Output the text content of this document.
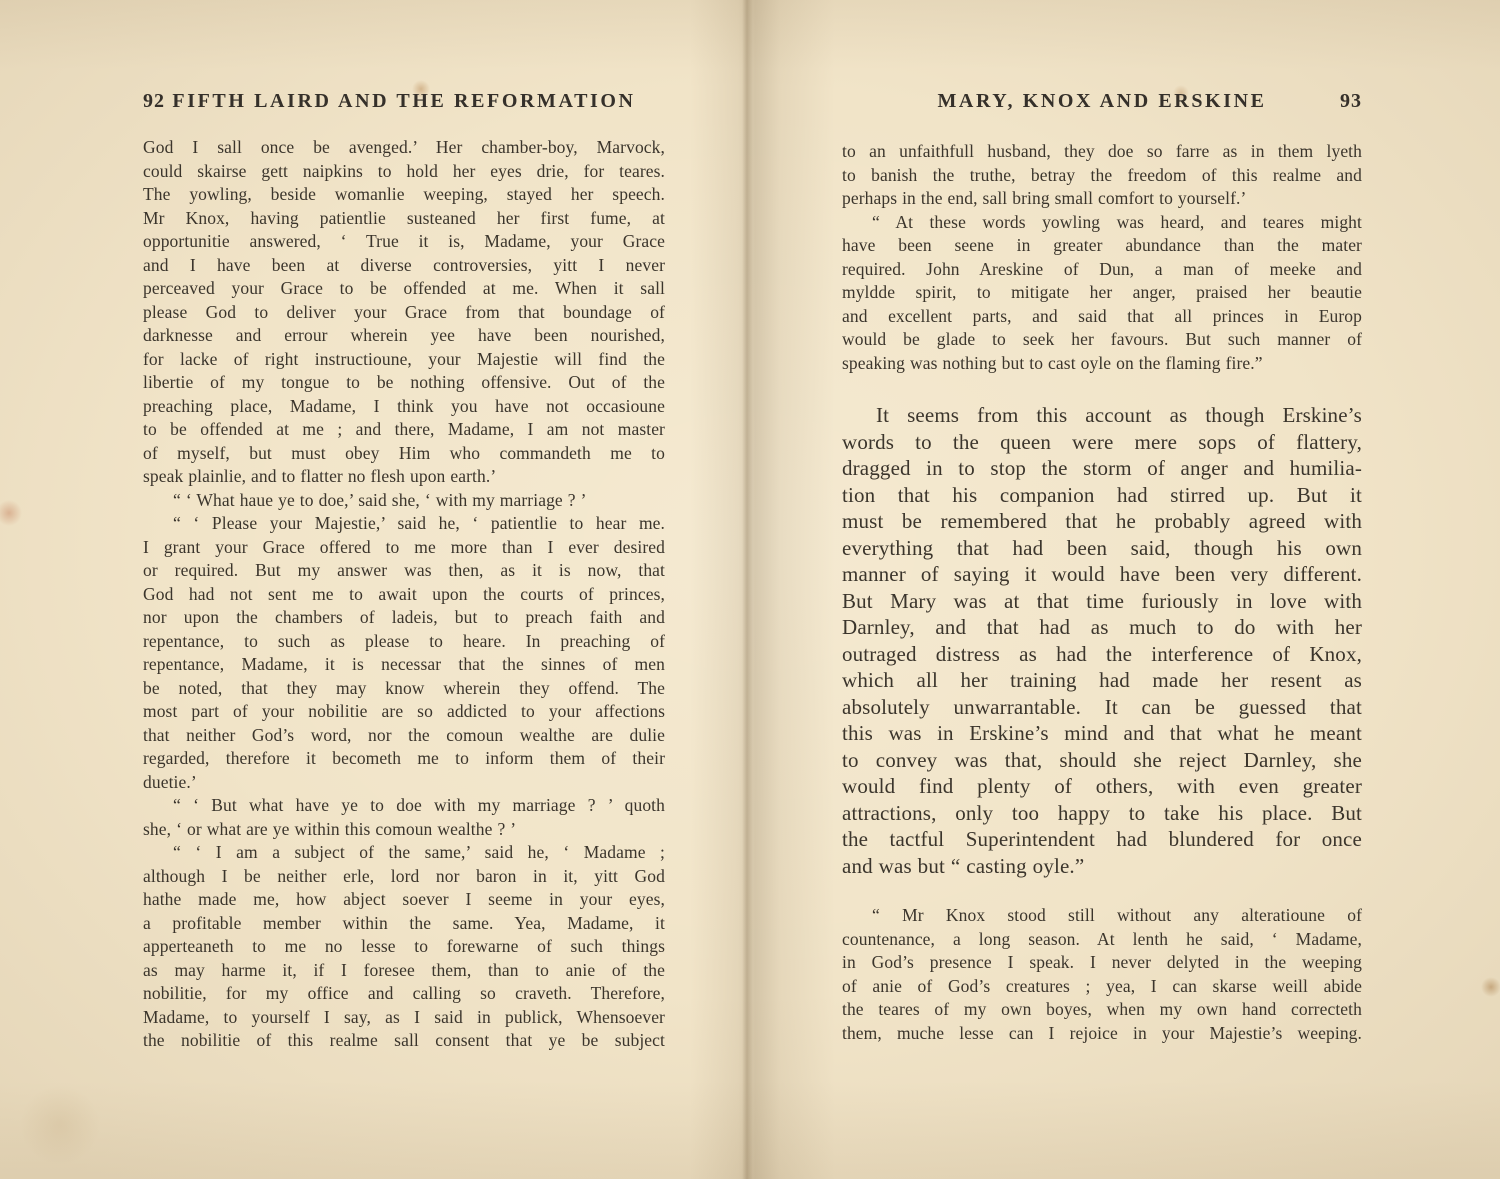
92 FIFTH LAIRD AND THE REFORMATION
God I sall once be avenged.’ Her chamber-boy, Marvock,
could skairse gett naipkins to hold her eyes drie, for teares.
The yowling, beside womanlie weeping, stayed her speech.
Mr Knox, having patientlie susteaned her first fume, at
opportunitie answered, ‘ True it is, Madame, your Grace
and I have been at diverse controversies, yitt I never
perceaved your Grace to be offended at me. When it sall
please God to deliver your Grace from that boundage of
darknesse and errour wherein yee have been nourished,
for lacke of right instructioune, your Majestie will find the
libertie of my tongue to be nothing offensive. Out of the
preaching place, Madame, I think you have not occasioune
to be offended at me ; and there, Madame, I am not master
of myself, but must obey Him who commandeth me to
speak plainlie, and to flatter no flesh upon earth.’
“ ‘ What haue ye to doe,’ said she, ‘ with my marriage ? ’
“ ‘ Please your Majestie,’ said he, ‘ patientlie to hear me.
I grant your Grace offered to me more than I ever desired
or required. But my answer was then, as it is now, that
God had not sent me to await upon the courts of princes,
nor upon the chambers of ladeis, but to preach faith and
repentance, to such as please to heare. In preaching of
repentance, Madame, it is necessar that the sinnes of men
be noted, that they may know wherein they offend. The
most part of your nobilitie are so addicted to your affections
that neither God’s word, nor the comoun wealthe are dulie
regarded, therefore it becometh me to inform them of their
duetie.’
“ ‘ But what have ye to doe with my marriage ? ’ quoth
she, ‘ or what are ye within this comoun wealthe ? ’
“ ‘ I am a subject of the same,’ said he, ‘ Madame ;
although I be neither erle, lord nor baron in it, yitt God
hathe made me, how abject soever I seeme in your eyes,
a profitable member within the same. Yea, Madame, it
apperteaneth to me no lesse to forewarne of such things
as may harme it, if I foresee them, than to anie of the
nobilitie, for my office and calling so craveth. Therefore,
Madame, to yourself I say, as I said in publick, Whensoever
the nobilitie of this realme sall consent that ye be subject
MARY, KNOX AND ERSKINE	93
to an unfaithfull husband, they doe so farre as in them lyeth
to banish the truthe, betray the freedom of this realme and
perhaps in the end, sall bring small comfort to yourself.’
“ At these words yowling was heard, and teares might
have been seene in greater abundance than the mater
required. John Areskine of Dun, a man of meeke and
myldde spirit, to mitigate her anger, praised her beautie
and excellent parts, and said that all princes in Europ
would be glade to seek her favours. But such manner of
speaking was nothing but to cast oyle on the flaming fire.”
It seems from this account as though Erskine’s
words to the queen were mere sops of flattery,
dragged in to stop the storm of anger and humilia-
tion that his companion had stirred up. But it
must be remembered that he probably agreed with
everything that had been said, though his own
manner of saying it would have been very different.
But Mary was at that time furiously in love with
Darnley, and that had as much to do with her
outraged distress as had the interference of Knox,
which all her training had made her resent as
absolutely unwarrantable. It can be guessed that
this was in Erskine’s mind and that what he meant
to convey was that, should she reject Darnley, she
would find plenty of others, with even greater
attractions, only too happy to take his place. But
the tactful Superintendent had blundered for once
and was but “ casting oyle.”
“ Mr Knox stood still without any alteratioune of
countenance, a long season. At lenth he said, ‘ Madame,
in God’s presence I speak. I never delyted in the weeping
of anie of God’s creatures ; yea, I can skarse weill abide
the teares of my own boyes, when my own hand correcteth
them, muche lesse can I rejoice in your Majestie’s weeping.
